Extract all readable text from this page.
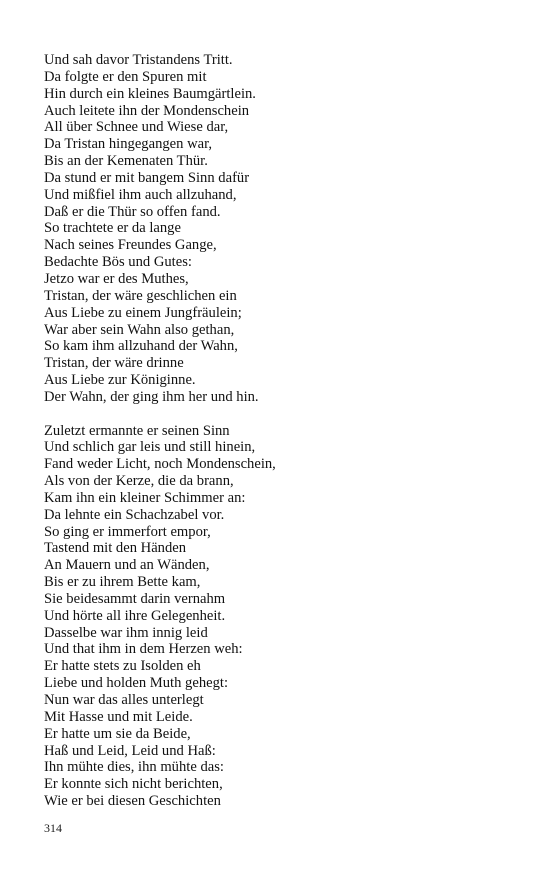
Und sah davor Tristandens Tritt.
Da folgte er den Spuren mit
Hin durch ein kleines Baumgärtlein.
Auch leitete ihn der Mondenschein
All über Schnee und Wiese dar,
Da Tristan hingegangen war,
Bis an der Kemenaten Thür.
Da stund er mit bangem Sinn dafür
Und mißfiel ihm auch allzuhand,
Daß er die Thür so offen fand.
So trachtete er da lange
Nach seines Freundes Gange,
Bedachte Bös und Gutes:
Jetzo war er des Muthes,
Tristan, der wäre geschlichen ein
Aus Liebe zu einem Jungfräulein;
War aber sein Wahn also gethan,
So kam ihm allzuhand der Wahn,
Tristan, der wäre drinne
Aus Liebe zur Königinne.
Der Wahn, der ging ihm her und hin.
Zuletzt ermannte er seinen Sinn
Und schlich gar leis und still hinein,
Fand weder Licht, noch Mondenschein,
Als von der Kerze, die da brann,
Kam ihn ein kleiner Schimmer an:
Da lehnte ein Schachzabel vor.
So ging er immerfort empor,
Tastend mit den Händen
An Mauern und an Wänden,
Bis er zu ihrem Bette kam,
Sie beidesammt darin vernahm
Und hörte all ihre Gelegenheit.
Dasselbe war ihm innig leid
Und that ihm in dem Herzen weh:
Er hatte stets zu Isolden eh
Liebe und holden Muth gehegt:
Nun war das alles unterlegt
Mit Hasse und mit Leide.
Er hatte um sie da Beide,
Haß und Leid, Leid und Haß:
Ihn mühte dies, ihn mühte das:
Er konnte sich nicht berichten,
Wie er bei diesen Geschichten
314
